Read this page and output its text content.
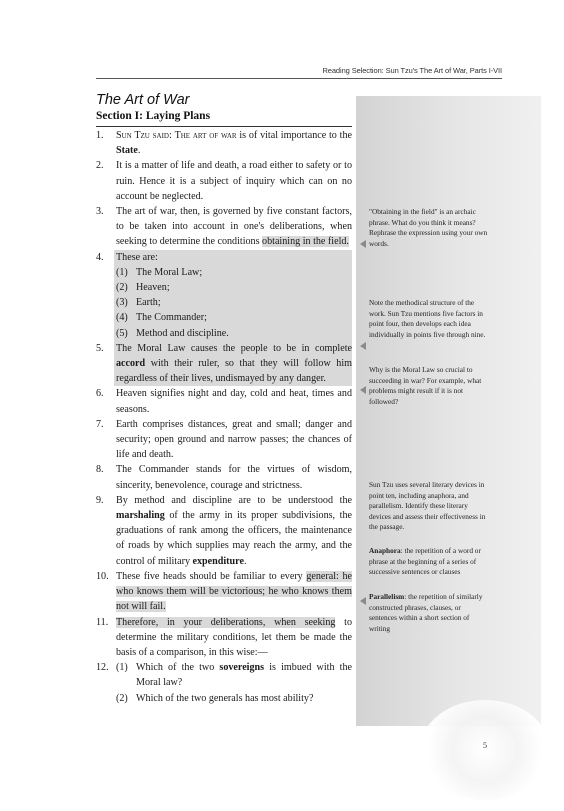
Reading Selection: Sun Tzu's The Art of War, Parts I-VII
The Art of War
Section I: Laying Plans
1. Sun Tzu said: The art of war is of vital importance to the State.
2. It is a matter of life and death, a road either to safety or to ruin. Hence it is a subject of inquiry which can on no account be neglected.
3. The art of war, then, is governed by five constant factors, to be taken into account in one's deliberations, when seeking to determine the conditions obtaining in the field.
4. These are:
(1) The Moral Law;
(2) Heaven;
(3) Earth;
(4) The Commander;
(5) Method and discipline.
5. The Moral Law causes the people to be in complete accord with their ruler, so that they will follow him regardless of their lives, undismayed by any danger.
6. Heaven signifies night and day, cold and heat, times and seasons.
7. Earth comprises distances, great and small; danger and security; open ground and narrow passes; the chances of life and death.
8. The Commander stands for the virtues of wisdom, sincerity, benevolence, courage and strictness.
9. By method and discipline are to be understood the marshaling of the army in its proper subdivisions, the graduations of rank among the officers, the maintenance of roads by which supplies may reach the army, and the control of military expenditure.
10. These five heads should be familiar to every general: he who knows them will be victorious; he who knows them not will fail.
11. Therefore, in your deliberations, when seeking to determine the military conditions, let them be made the basis of a comparison, in this wise:—
12. (1) Which of the two sovereigns is imbued with the Moral law?
(2) Which of the two generals has most ability?
"Obtaining in the field" is an archaic phrase. What do you think it means? Rephrase the expression using your own words.
Note the methodical structure of the work. Sun Tzu mentions five factors in point four, then develops each idea individually in points five through nine.
Why is the Moral Law so crucial to succeeding in war? For example, what problems might result if it is not followed?
Sun Tzu uses several literary devices in point ten, including anaphora, and parallelism. Identify these literary devices and assess their effectiveness in the passage.
Anaphora: the repetition of a word or phrase at the beginning of a series of successive sentences or clauses
Parallelism: the repetition of similarly constructed phrases, clauses, or sentences within a short section of writing
5
